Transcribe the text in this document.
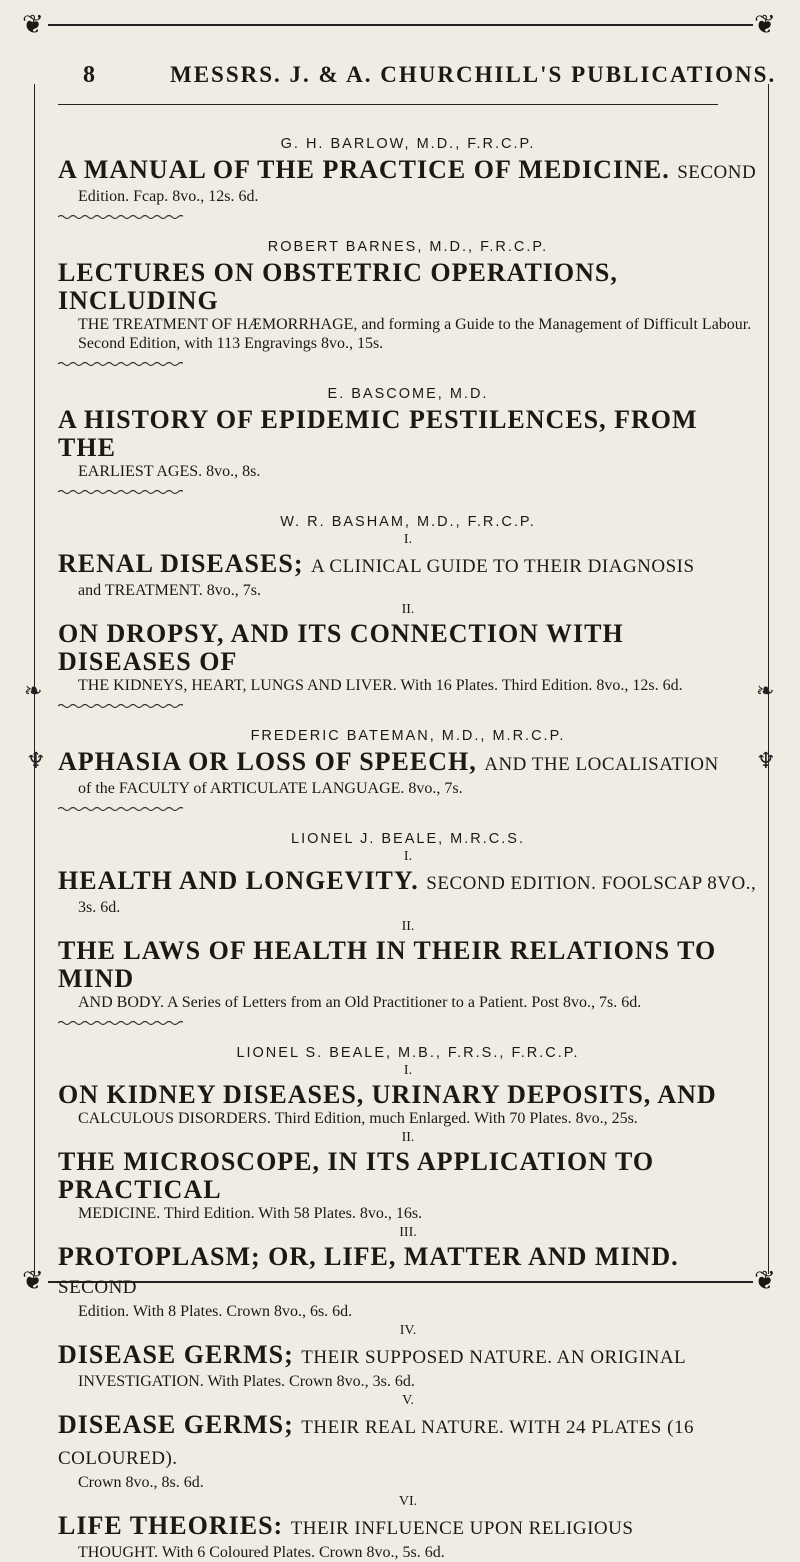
❦	❦
❦	❦
❧	❧
♆	♆
8	MESSRS. J. & A. CHURCHILL'S PUBLICATIONS.

G. H. BARLOW, M.D., F.R.C.P.

A MANUAL OF THE PRACTICE OF MEDICINE. SECOND
Edition. Fcap. 8vo., 12s. 6d.

ROBERT BARNES, M.D., F.R.C.P.

LECTURES ON OBSTETRIC OPERATIONS, INCLUDING
THE TREATMENT OF HÆMORRHAGE, and forming a Guide to the Management of Difficult Labour. Second Edition, with 113 Engravings 8vo., 15s.

E. BASCOME, M.D.

A HISTORY OF EPIDEMIC PESTILENCES, FROM THE
EARLIEST AGES. 8vo., 8s.

W. R. BASHAM, M.D., F.R.C.P.

I.
RENAL DISEASES; A CLINICAL GUIDE TO THEIR DIAGNOSIS
and TREATMENT. 8vo., 7s.
II.
ON DROPSY, AND ITS CONNECTION WITH DISEASES OF
THE KIDNEYS, HEART, LUNGS AND LIVER. With 16 Plates. Third Edition. 8vo., 12s. 6d.

FREDERIC BATEMAN, M.D., M.R.C.P.

APHASIA OR LOSS OF SPEECH, AND THE LOCALISATION
of the FACULTY of ARTICULATE LANGUAGE. 8vo., 7s.

LIONEL J. BEALE, M.R.C.S.

I.
HEALTH AND LONGEVITY. SECOND EDITION. FOOLSCAP 8VO.,
3s. 6d.
II.
THE LAWS OF HEALTH IN THEIR RELATIONS TO MIND
AND BODY. A Series of Letters from an Old Practitioner to a Patient. Post 8vo., 7s. 6d.

LIONEL S. BEALE, M.B., F.R.S., F.R.C.P.

I.
ON KIDNEY DISEASES, URINARY DEPOSITS, AND
CALCULOUS DISORDERS. Third Edition, much Enlarged. With 70 Plates. 8vo., 25s.
II.
THE MICROSCOPE, IN ITS APPLICATION TO PRACTICAL
MEDICINE. Third Edition. With 58 Plates. 8vo., 16s.
III.
PROTOPLASM; OR, LIFE, MATTER AND MIND. SECOND
Edition. With 8 Plates. Crown 8vo., 6s. 6d.
IV.
DISEASE GERMS; THEIR SUPPOSED NATURE. AN ORIGINAL
INVESTIGATION. With Plates. Crown 8vo., 3s. 6d.
V.
DISEASE GERMS; THEIR REAL NATURE. WITH 24 PLATES (16 COLOURED).
Crown 8vo., 8s. 6d.
VI.
LIFE THEORIES: THEIR INFLUENCE UPON RELIGIOUS
THOUGHT. With 6 Coloured Plates. Crown 8vo., 5s. 6d.
